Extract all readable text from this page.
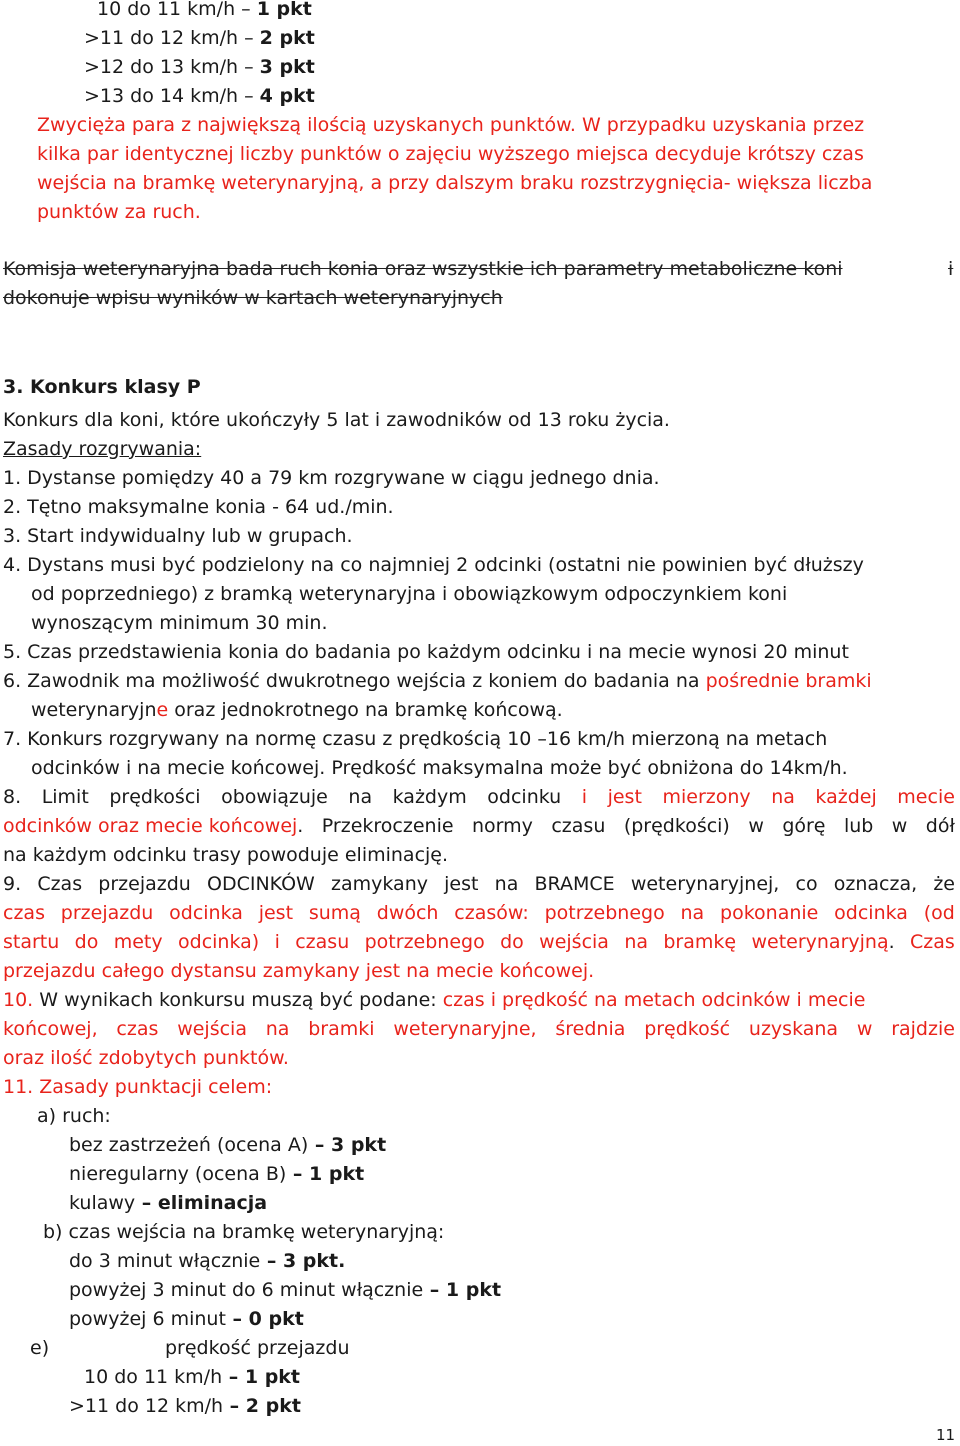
10 do 11 km/h – 1 pkt
>11 do 12 km/h – 2 pkt
>12 do 13 km/h – 3 pkt
>13 do 14 km/h – 4 pkt
Zwycięża para z największą ilością uzyskanych punktów. W przypadku uzyskania przez
kilka par identycznej liczby punktów o zajęciu wyższego miejsca decyduje krótszy czas
wejścia na bramkę weterynaryjną, a przy dalszym braku rozstrzygnięcia- większa liczba
punktów za ruch.
Komisja weterynaryjna bada ruch konia oraz wszystkie ich parametry metaboliczne koni	i
dokonuje wpisu wyników w kartach weterynaryjnych
3. Konkurs klasy P
Konkurs dla koni, które ukończyły 5 lat i zawodników od 13 roku życia.
Zasady rozgrywania:
1. Dystanse pomiędzy 40 a 79 km rozgrywane w ciągu jednego dnia.
2. Tętno maksymalne konia - 64 ud./min.
3. Start indywidualny lub w grupach.
4. Dystans musi być podzielony na co najmniej 2 odcinki (ostatni nie powinien być dłuższy
od poprzedniego) z bramką weterynaryjna i obowiązkowym odpoczynkiem koni
wynoszącym minimum 30 min.
5. Czas przedstawienia konia do badania po każdym odcinku i na mecie wynosi 20 minut
6. Zawodnik ma możliwość dwukrotnego wejścia z koniem do badania na pośrednie bramki
weterynaryjne oraz jednokrotnego na bramkę końcową.
7. Konkurs rozgrywany na normę czasu z prędkością 10 –16 km/h mierzoną na metach
odcinków i na mecie końcowej. Prędkość maksymalna może być obniżona do 14km/h.
8. Limit prędkości obowiązuje na każdym odcinku i jest mierzony na każdej mecie
odcinków oraz mecie końcowej. Przekroczenie normy czasu (prędkości) w górę lub w dół
na każdym odcinku trasy powoduje eliminację.
9. Czas przejazdu ODCINKÓW zamykany jest na BRAMCE weterynaryjnej, co oznacza, że
czas przejazdu odcinka jest sumą dwóch czasów: potrzebnego na pokonanie odcinka (od
startu do mety odcinka) i czasu potrzebnego do wejścia na bramkę weterynaryjną. Czas
przejazdu całego dystansu zamykany jest na mecie końcowej.
10. W wynikach konkursu muszą być podane: czas i prędkość na metach odcinków i mecie
końcowej, czas wejścia na bramki weterynaryjne, średnia prędkość uzyskana w rajdzie
oraz ilość zdobytych punktów.
11. Zasady punktacji celem:
a) ruch:
bez zastrzeżeń (ocena A) – 3 pkt
nieregularny (ocena B) – 1 pkt
kulawy – eliminacja
b) czas wejścia na bramkę weterynaryjną:
do 3 minut włącznie – 3 pkt.
powyżej 3 minut do 6 minut włącznie – 1 pkt
powyżej 6 minut – 0 pkt
e)	prędkość przejazdu
10 do 11 km/h – 1 pkt
>11 do 12 km/h – 2 pkt
11
